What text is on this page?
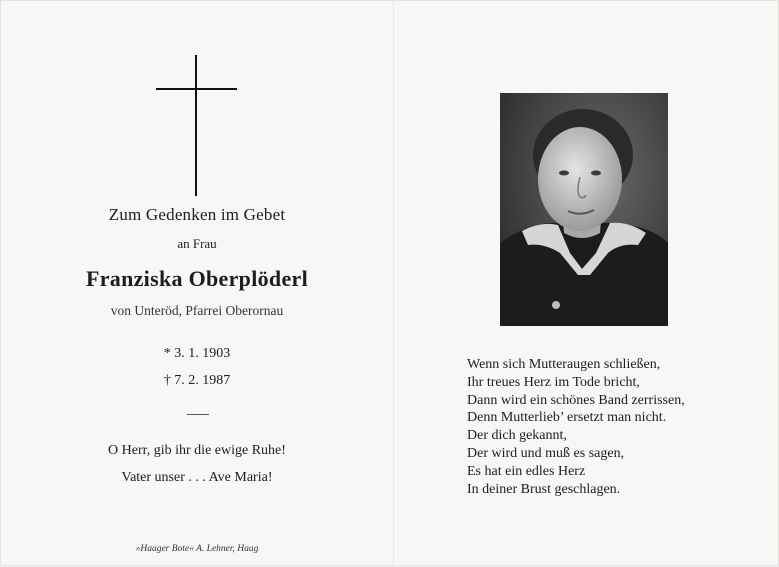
Zum Gedenken im Gebet
an Frau
Franziska Oberplöderl
von Unteröd, Pfarrei Oberornau
* 3. 1. 1903
† 7. 2. 1987
O Herr, gib ihr die ewige Ruhe!
Vater unser . . . Ave Maria!
»Haager Bote« A. Lehner, Haag
Wenn sich Mutteraugen schließen,
Ihr treues Herz im Tode bricht,
Dann wird ein schönes Band zerrissen,
Denn Mutterlieb’ ersetzt man nicht.
Der dich gekannt,
Der wird und muß es sagen,
Es hat ein edles Herz
In deiner Brust geschlagen.
